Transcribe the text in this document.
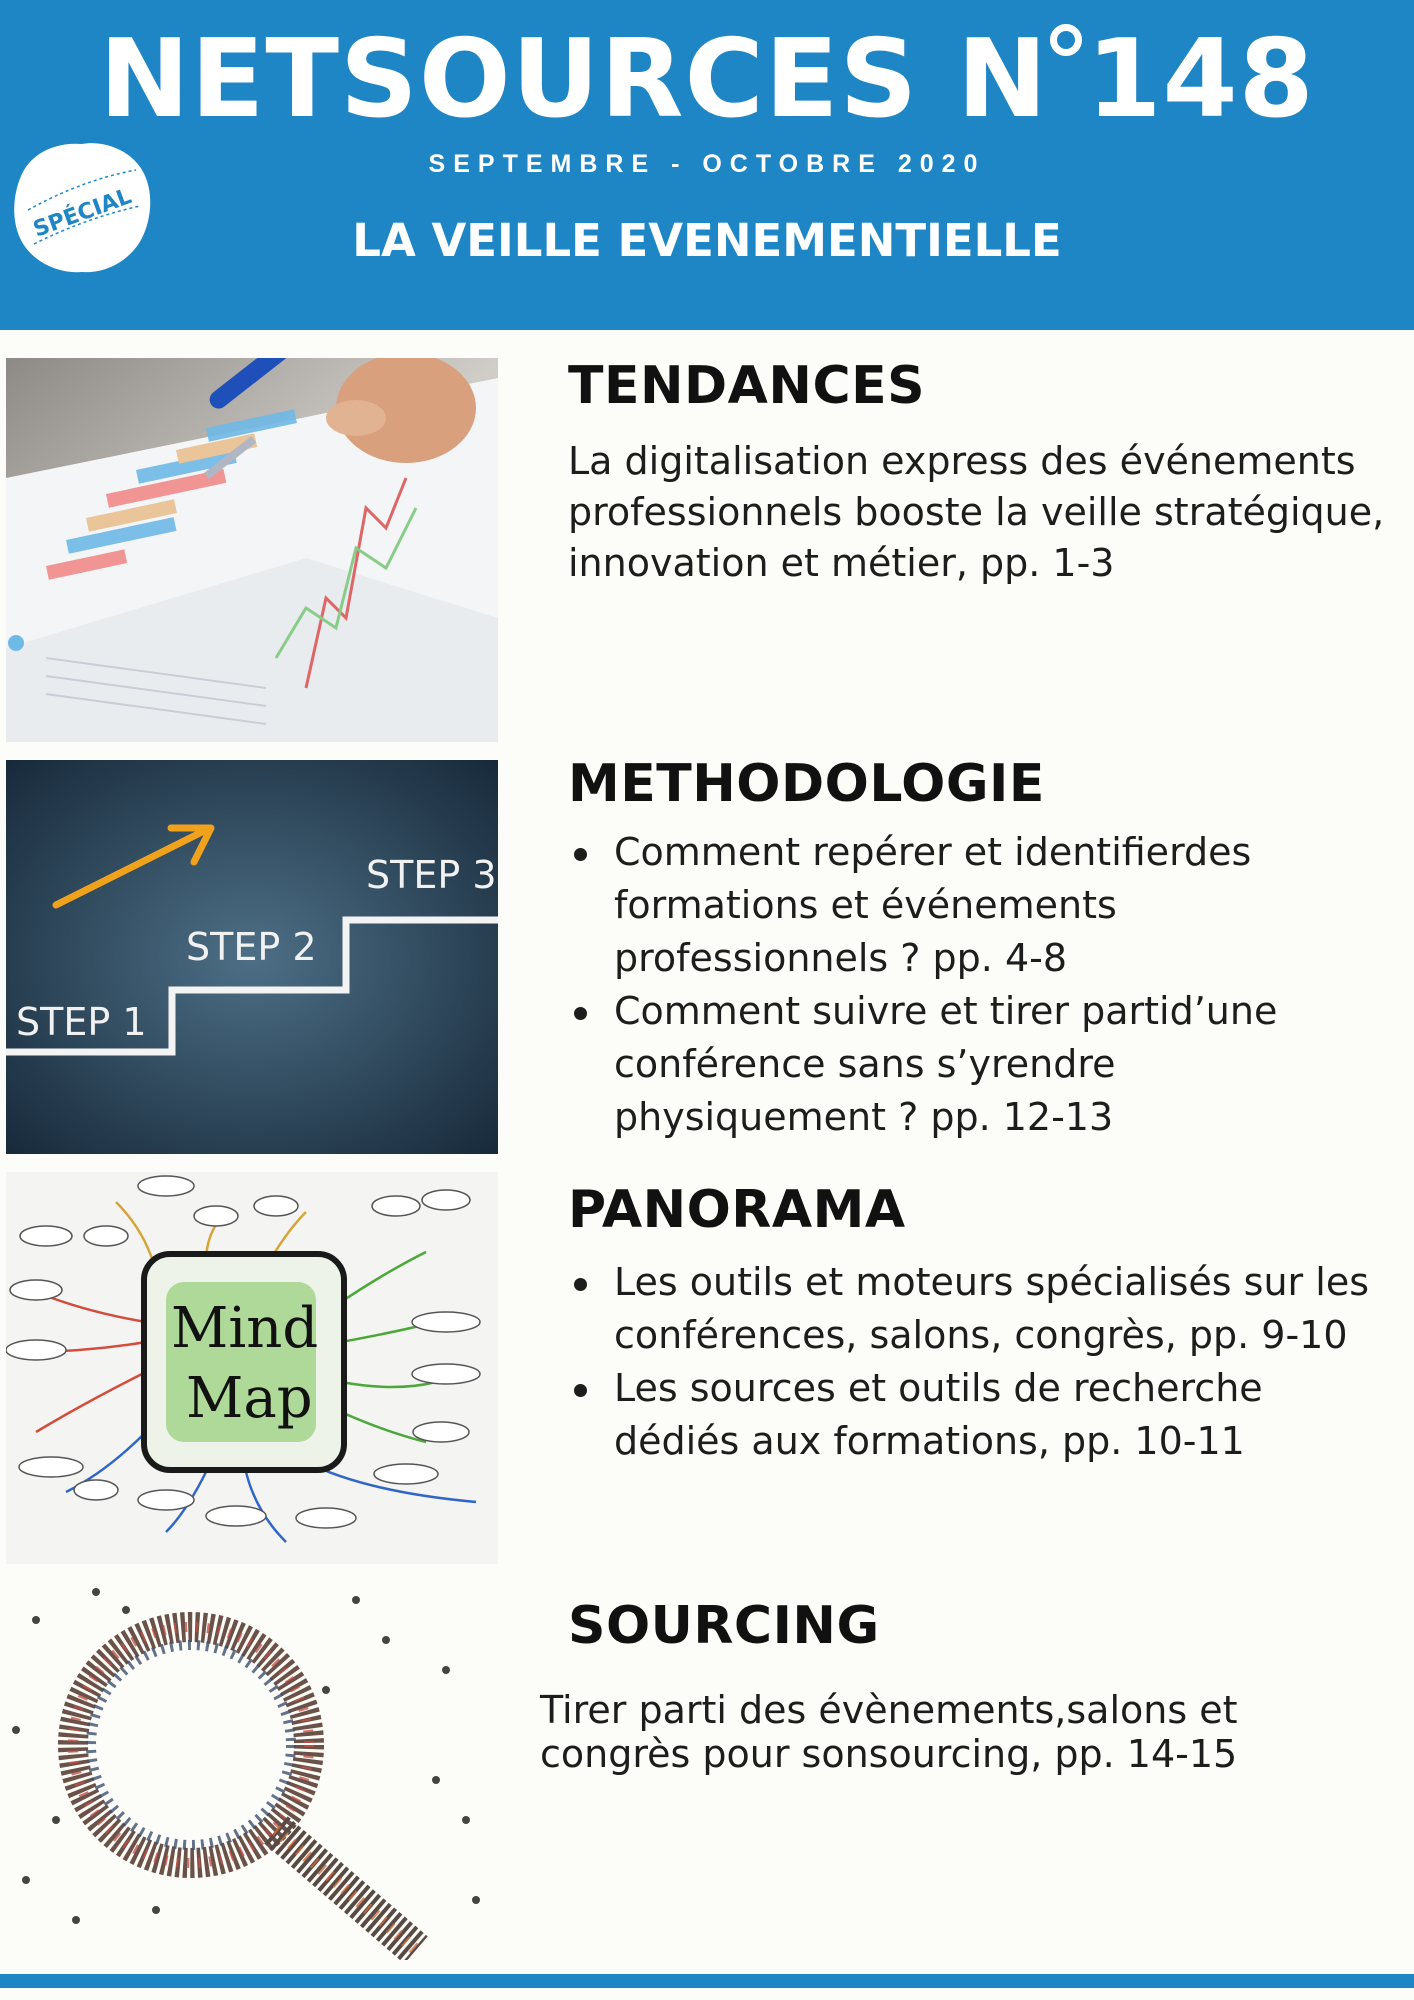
NETSOURCES N 148
SEPTEMBRE - OCTOBRE 2020
LA VEILLE EVENEMENTIELLE
SPÉCIAL
TENDANCES
La digitalisation express des événements professionnels booste la veille stratégique, innovation et métier, pp. 1-3
STEP 1
STEP 2
STEP 3
METHODOLOGIE
Comment repérer et identifierdes formations et événements professionnels ? pp. 4-8
Comment suivre et tirer partid’une conférence sans s’yrendre physiquement ? pp. 12-13
Mind
Map
PANORAMA
Les outils et moteurs spécialisés sur les conférences, salons, congrès, pp. 9-10
Les sources et outils de recherche dédiés aux formations, pp. 10-11
SOURCING
Tirer parti des évènements,salons et congrès pour sonsourcing, pp. 14-15
